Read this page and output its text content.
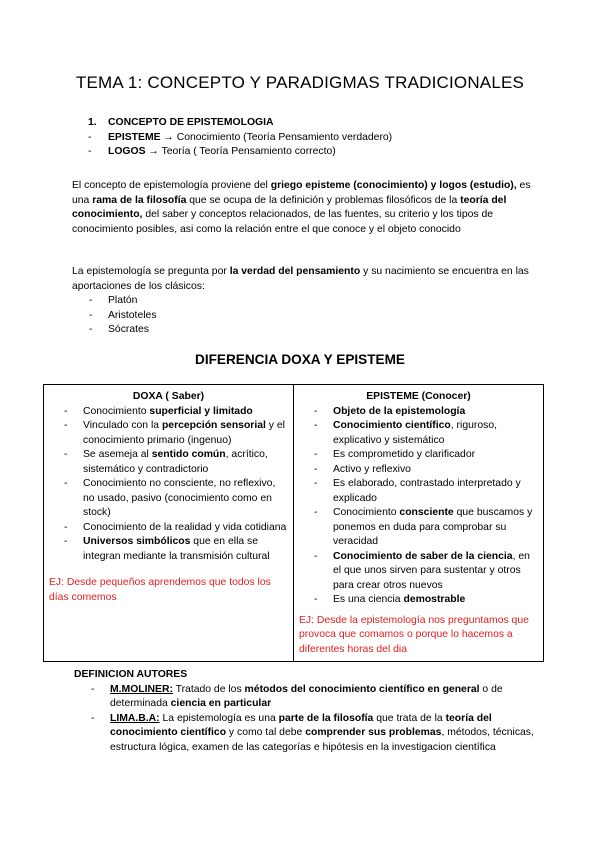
TEMA 1: CONCEPTO Y PARADIGMAS TRADICIONALES
1.	CONCEPTO DE EPISTEMOLOGIA
-	EPISTEME → Conocimiento (Teoría Pensamiento verdadero)
-	LOGOS → Teoría ( Teoría Pensamiento correcto)
El concepto de epistemología proviene del griego episteme (conocimiento) y logos (estudio), es una rama de la filosofía que se ocupa de la definición y problemas filosóficos de la teoría del conocimiento, del saber y conceptos relacionados, de las fuentes, su criterio y los tipos de conocimiento posibles, asi como la relación entre el que conoce y el objeto conocido
La epistemología se pregunta por la verdad del pensamiento y su nacimiento se encuentra en las aportaciones de los clásicos:
- Platón
- Aristoteles
- Sócrates
DIFERENCIA DOXA Y EPISTEME
DOXA ( Saber)
- Conocimiento superficial y limitado
- Vinculado con la percepción sensorial y el conocimiento primario (ingenuo)
- Se asemeja al sentido común, acrítico, sistemático y contradictorio
- Conocimiento no consciente, no reflexivo, no usado, pasivo (conocimiento como en stock)
- Conocimiento de la realidad y vida cotidiana
- Universos simbólicos que en ella se integran mediante la transmisión cultural
EJ: Desde pequeños aprendemos que todos los días comemos

EPISTEME (Conocer)
- Objeto de la epistemología
- Conocimiento científico, riguroso, explicativo y sistemático
- Es comprometido y clarificador
- Activo y reflexivo
- Es elaborado, contrastado interpretado y explicado
- Conocimiento consciente que buscamos y ponemos en duda para comprobar su veracidad
- Conocimiento de saber de la ciencia, en el que unos sirven para sustentar y otros para crear otros nuevos
- Es una ciencia demostrable
EJ: Desde la epistemología nos preguntamos que provoca que comamos o porque lo hacemos a diferentes horas del dia
DEFINICION AUTORES
- M.MOLINER: Tratado de los métodos del conocimiento científico en general o de determinada ciencia en particular
- LIMA.B.A: La epistemología es una parte de la filosofía que trata de la teoría del conocimiento científico y como tal debe comprender sus problemas, métodos, técnicas, estructura lógica, examen de las categorías e hipótesis en la investigacion científica
